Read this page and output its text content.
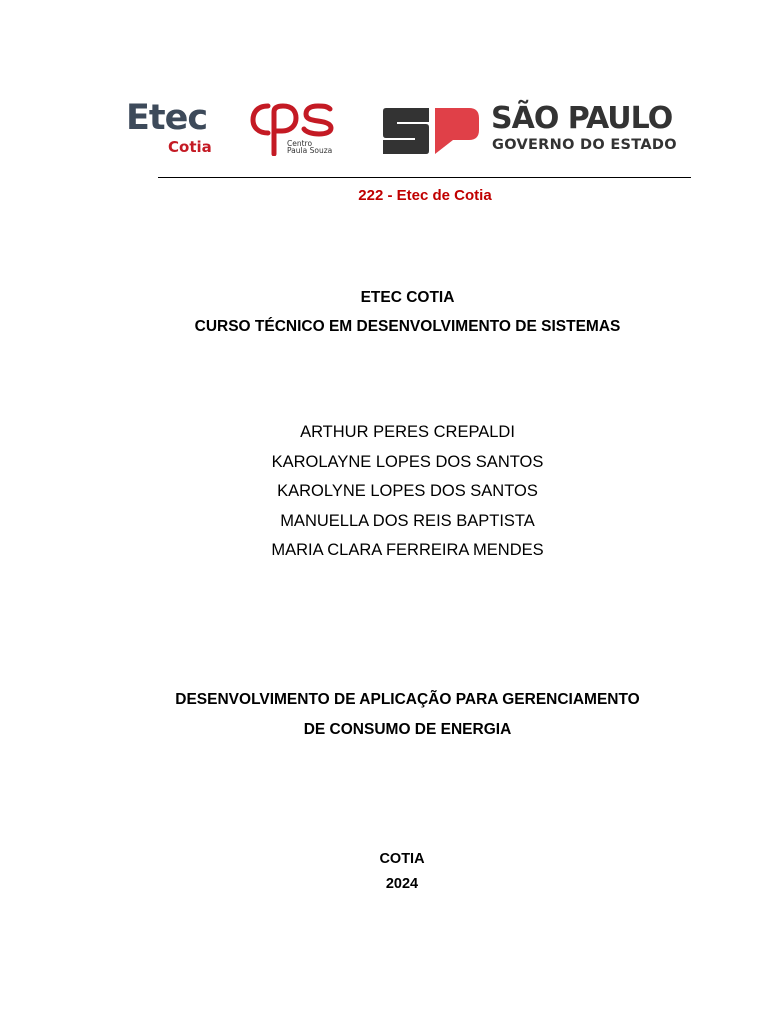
Etec
Cotia	Centro
Paula Souza
SÃO PAULO
GOVERNO DO ESTADO
222 - Etec de Cotia
ETEC COTIA
CURSO TÉCNICO EM DESENVOLVIMENTO DE SISTEMAS
ARTHUR PERES CREPALDI
KAROLAYNE LOPES DOS SANTOS
KAROLYNE LOPES DOS SANTOS
MANUELLA DOS REIS BAPTISTA
MARIA CLARA FERREIRA MENDES
DESENVOLVIMENTO DE APLICAÇÃO PARA GERENCIAMENTO
DE CONSUMO DE ENERGIA
COTIA
2024
